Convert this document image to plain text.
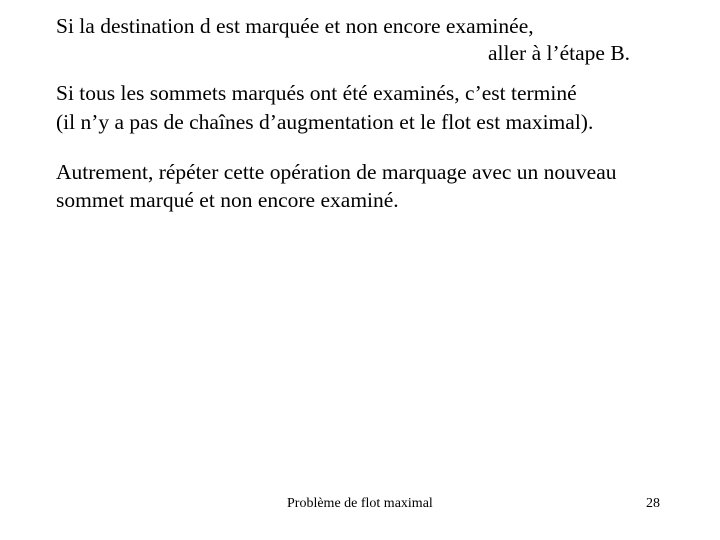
Si la destination d est marquée et non encore examinée,

aller à l’étape B.

Si tous les sommets marqués ont été examinés, c’est terminé

(il n’y a pas de chaînes d’augmentation et le flot est maximal).

Autrement, répéter cette opération de marquage avec un nouveau

sommet marqué et non encore examiné.

Problème de flot maximal	28
